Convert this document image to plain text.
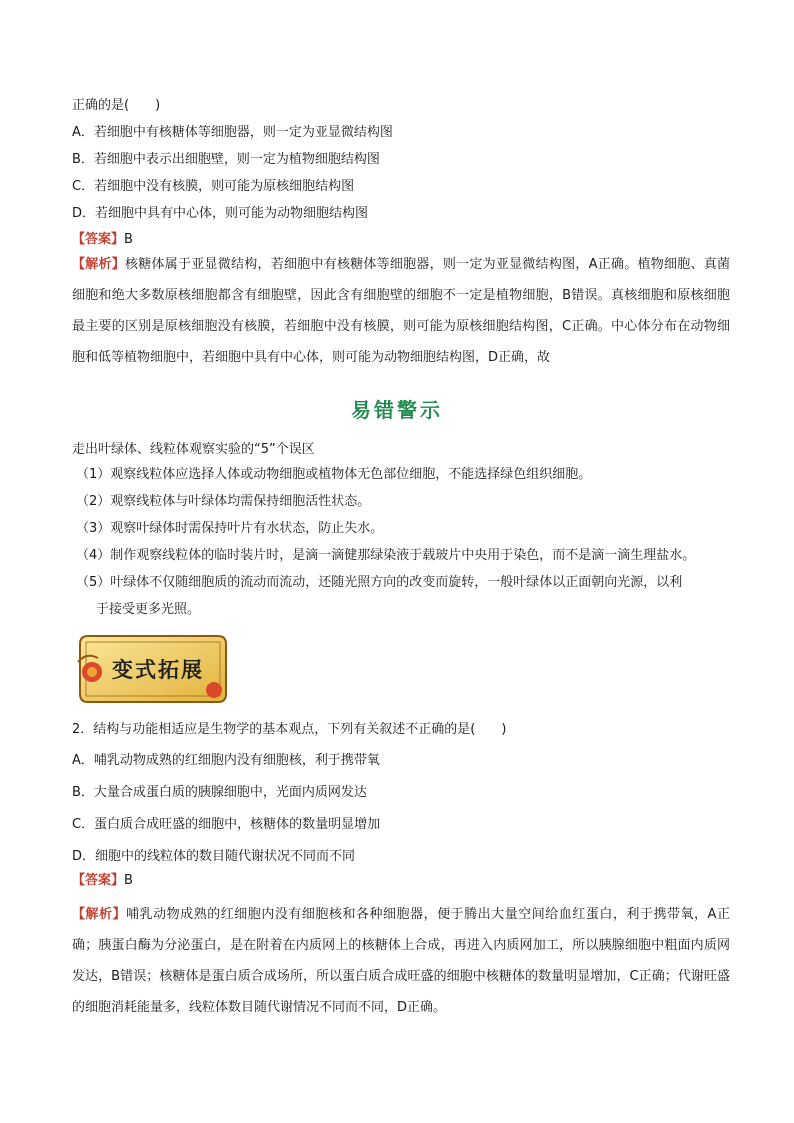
正确的是(　　)
A．若细胞中有核糖体等细胞器，则一定为亚显微结构图
B．若细胞中表示出细胞壁，则一定为植物细胞结构图
C．若细胞中没有核膜，则可能为原核细胞结构图
D．若细胞中具有中心体，则可能为动物细胞结构图
【答案】B
【解析】核糖体属于亚显微结构，若细胞中有核糖体等细胞器，则一定为亚显微结构图，A正确。植物细胞、真菌细胞和绝大多数原核细胞都含有细胞壁，因此含有细胞壁的细胞不一定是植物细胞，B错误。真核细胞和原核细胞最主要的区别是原核细胞没有核膜，若细胞中没有核膜，则可能为原核细胞结构图，C正确。中心体分布在动物细胞和低等植物细胞中，若细胞中具有中心体，则可能为动物细胞结构图，D正确，故
易错警示
走出叶绿体、线粒体观察实验的“5”个误区
（1）观察线粒体应选择人体或动物细胞或植物体无色部位细胞，不能选择绿色组织细胞。
（2）观察线粒体与叶绿体均需保持细胞活性状态。
（3）观察叶绿体时需保持叶片有水状态，防止失水。
（4）制作观察线粒体的临时装片时，是滴一滴健那绿染液于载玻片中央用于染色，而不是滴一滴生理盐水。
（5）叶绿体不仅随细胞质的流动而流动，还随光照方向的改变而旋转，一般叶绿体以正面朝向光源，以利
于接受更多光照。
变式拓展
2．结构与功能相适应是生物学的基本观点，下列有关叙述不正确的是(　　)
A．哺乳动物成熟的红细胞内没有细胞核，利于携带氧
B．大量合成蛋白质的胰腺细胞中，光面内质网发达
C．蛋白质合成旺盛的细胞中，核糖体的数量明显增加
D．细胞中的线粒体的数目随代谢状况不同而不同
【答案】B
【解析】哺乳动物成熟的红细胞内没有细胞核和各种细胞器，便于腾出大量空间给血红蛋白，利于携带氧，A正确；胰蛋白酶为分泌蛋白，是在附着在内质网上的核糖体上合成，再进入内质网加工，所以胰腺细胞中粗面内质网发达，B错误；核糖体是蛋白质合成场所，所以蛋白质合成旺盛的细胞中核糖体的数量明显增加，C正确；代谢旺盛的细胞消耗能量多，线粒体数目随代谢情况不同而不同，D正确。
